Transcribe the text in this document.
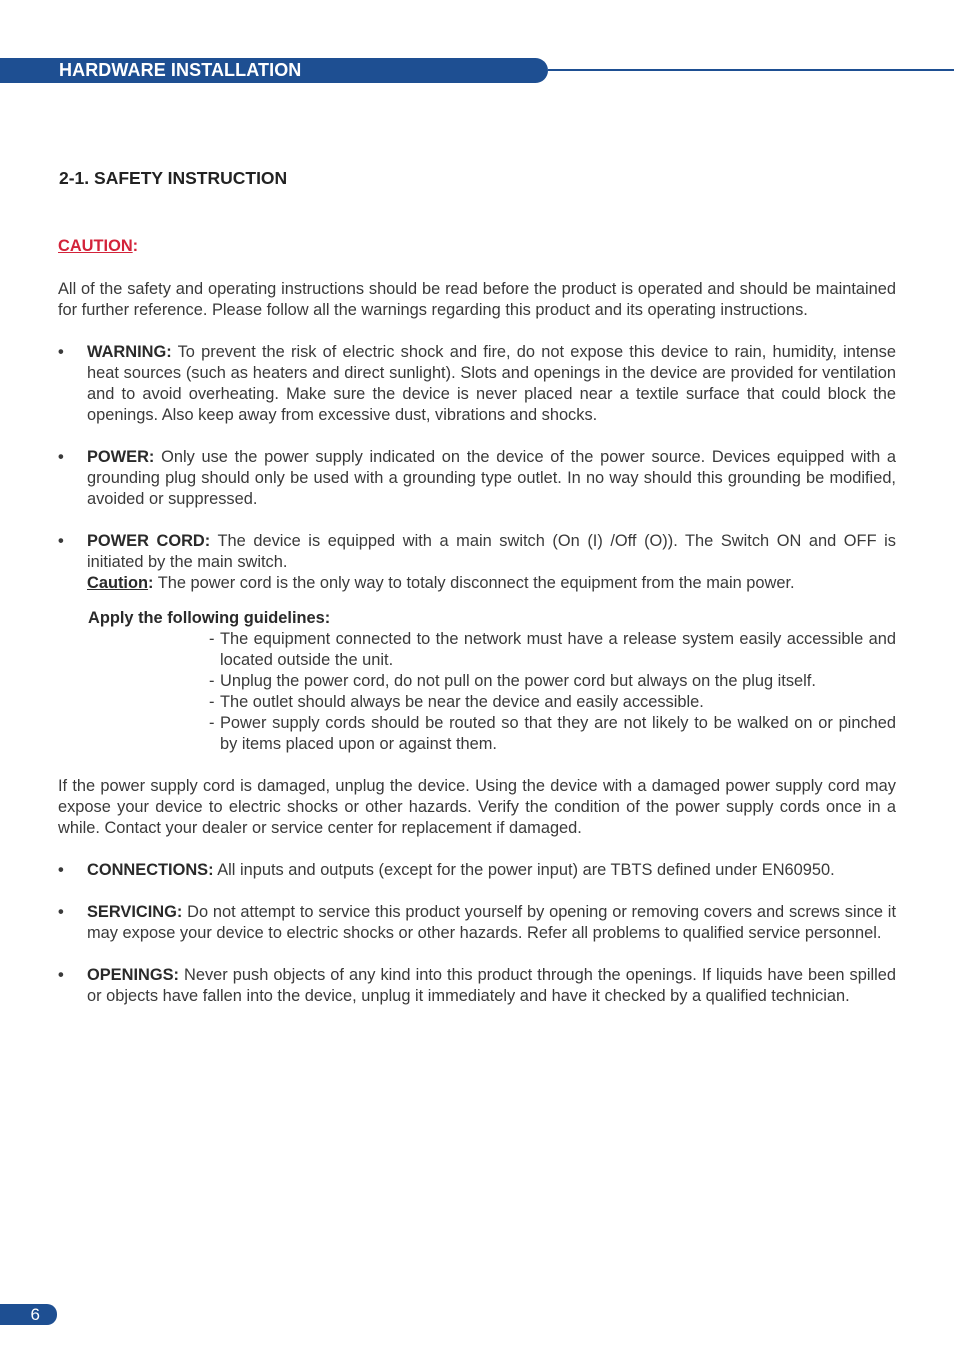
HARDWARE INSTALLATION
2-1. SAFETY INSTRUCTION
CAUTION:

All of the safety and operating instructions should be read before the product is operated and should be maintained for further reference. Please follow all the warnings regarding this product and its operating instructions.

• WARNING: To prevent the risk of electric shock and fire, do not expose this device to rain, humidity, intense heat sources (such as heaters and direct sunlight). Slots and openings in the device are provided for ventilation and to avoid overheating. Make sure the device is never placed near a textile surface that could block the openings. Also keep away from excessive dust, vibrations and shocks.
• POWER: Only use the power supply indicated on the device of the power source. Devices equipped with a grounding plug should only be used with a grounding type outlet. In no way should this grounding be modified, avoided or suppressed.
• POWER CORD: The device is equipped with a main switch (On (I) /Off (O)). The Switch ON and OFF is initiated by the main switch.
Caution: The power cord is the only way to totaly disconnect the equipment from the main power.
Apply the following guidelines:
- The equipment connected to the network must have a release system easily accessible and located outside the unit.
- Unplug the power cord, do not pull on the power cord but always on the plug itself.
- The outlet should always be near the device and easily accessible.
- Power supply cords should be routed so that they are not likely to be walked on or pinched by items placed upon or against them.

If the power supply cord is damaged, unplug the device. Using the device with a damaged power supply cord may expose your device to electric shocks or other hazards. Verify the condition of the power supply cords once in a while. Contact your dealer or service center for replacement if damaged.

• CONNECTIONS: All inputs and outputs (except for the power input) are TBTS defined under EN60950.
• SERVICING: Do not attempt to service this product yourself by opening or removing covers and screws since it may expose your device to electric shocks or other hazards. Refer all problems to qualified service personnel.
• OPENINGS: Never push objects of any kind into this product through the openings. If liquids have been spilled or objects have fallen into the device, unplug it immediately and have it checked by a qualified technician.
6
